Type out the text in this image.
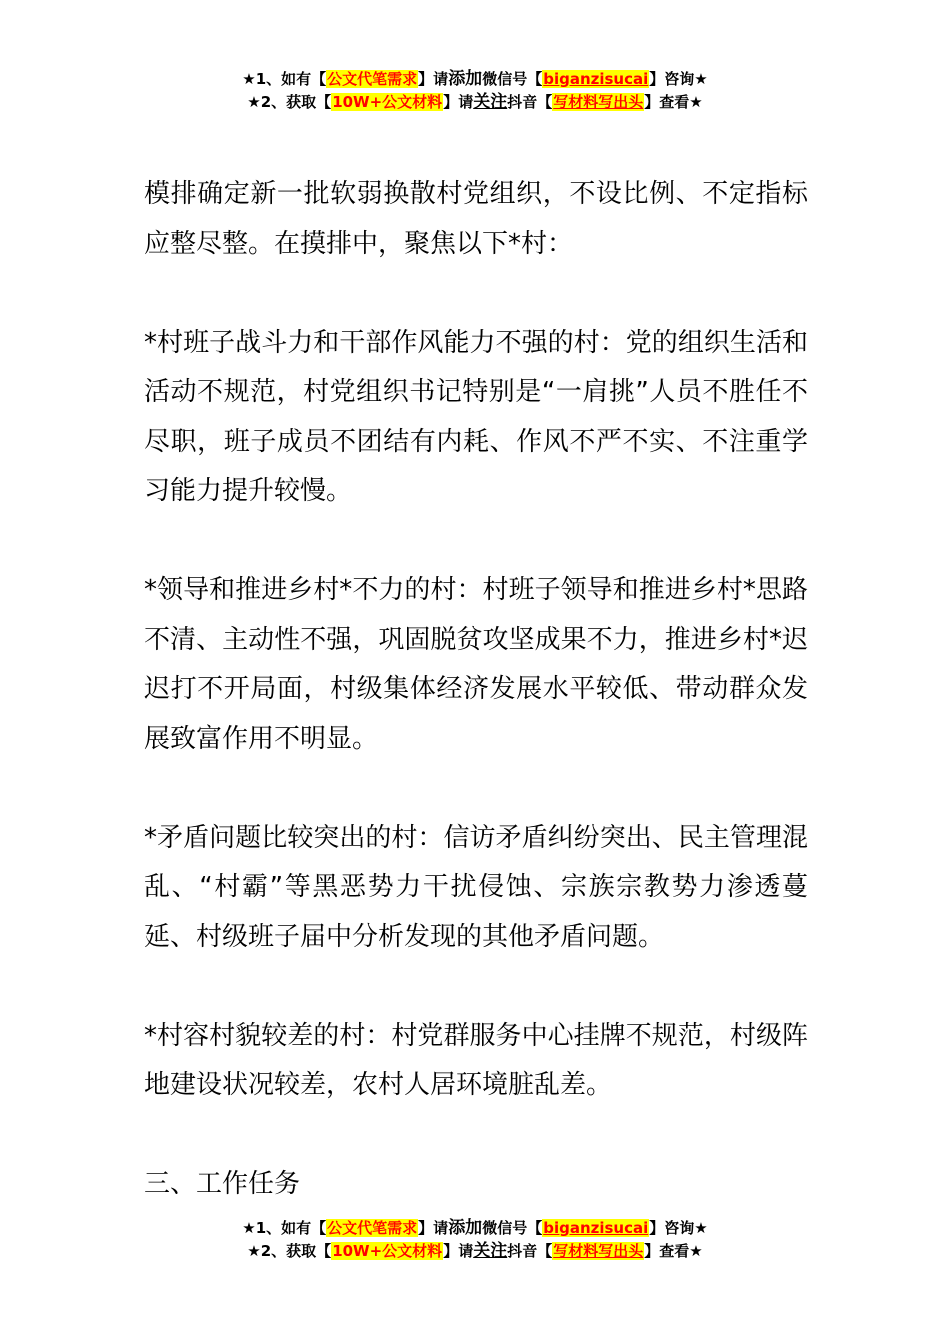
★1、如有【公文代笔需求】请添加微信号【biganzisucai】咨询★
★2、获取【10W+公文材料】请关注抖音【写材料写出头】查看★

模排确定新一批软弱换散村党组织，不设比例、不定指标应整尽整。在摸排中，聚焦以下*村：

*村班子战斗力和干部作风能力不强的村：党的组织生活和活动不规范，村党组织书记特别是“一肩挑”人员不胜任不尽职，班子成员不团结有内耗、作风不严不实、不注重学习能力提升较慢。

*领导和推进乡村*不力的村：村班子领导和推进乡村*思路不清、主动性不强，巩固脱贫攻坚成果不力，推进乡村*迟迟打不开局面，村级集体经济发展水平较低、带动群众发展致富作用不明显。

*矛盾问题比较突出的村：信访矛盾纠纷突出、民主管理混乱、“村霸”等黑恶势力干扰侵蚀、宗族宗教势力渗透蔓延、村级班子届中分析发现的其他矛盾问题。

*村容村貌较差的村：村党群服务中心挂牌不规范，村级阵地建设状况较差，农村人居环境脏乱差。

三、工作任务

★1、如有【公文代笔需求】请添加微信号【biganzisucai】咨询★
★2、获取【10W+公文材料】请关注抖音【写材料写出头】查看★
